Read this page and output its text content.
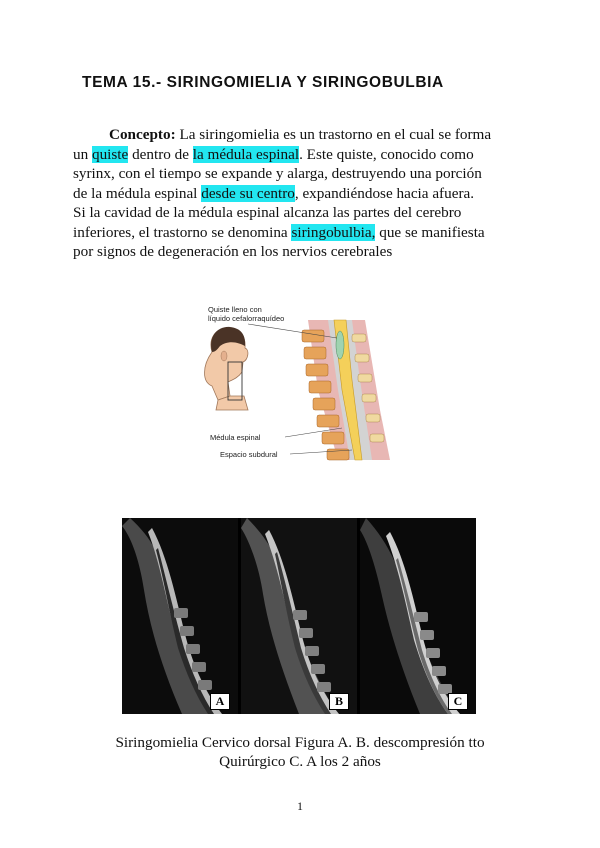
TEMA 15.- SIRINGOMIELIA Y SIRINGOBULBIA
Concepto: La siringomielia es un trastorno en el cual se forma
un quiste dentro de la médula espinal. Este quiste, conocido como
syrinx, con el tiempo se expande y alarga, destruyendo una porción
de la médula espinal desde su centro, expandiéndose hacia afuera.
Si la cavidad de la médula espinal alcanza las partes del cerebro
inferiores, el trastorno se denomina siringobulbia, que se manifiesta
por signos de degeneración en los nervios cerebrales
Quiste lleno con
líquido cefalorraquídeo
Médula espinal
Espacio subdural
A	B	C
Siringomielia Cervico dorsal Figura A. B. descompresión tto
Quirúrgico C. A los 2 años
1
